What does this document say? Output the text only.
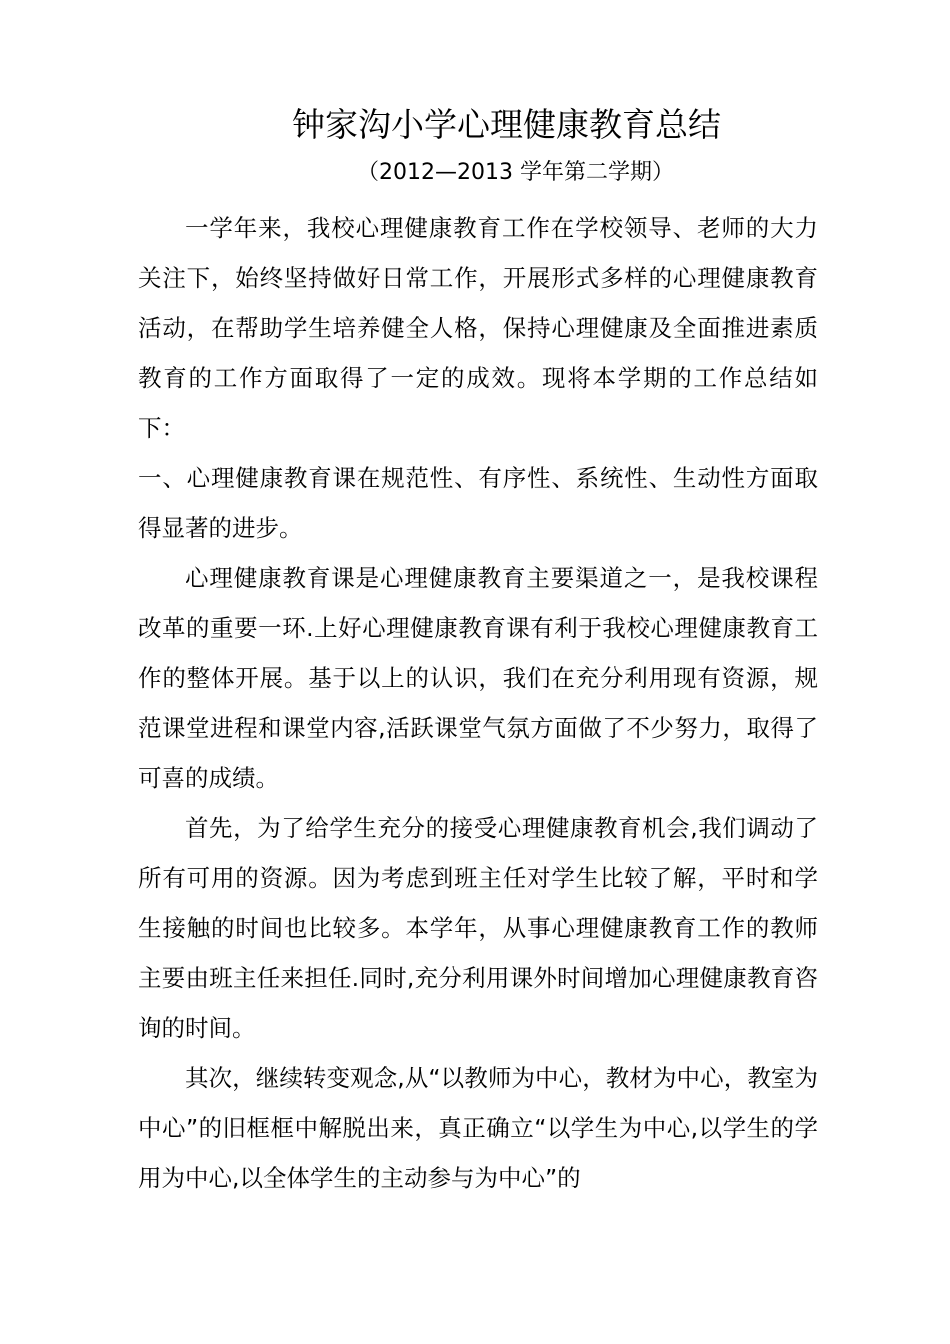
钟家沟小学心理健康教育总结
（2012—2013 学年第二学期）

一学年来，我校心理健康教育工作在学校领导、老师的大力关注下，始终坚持做好日常工作，开展形式多样的心理健康教育活动，在帮助学生培养健全人格，保持心理健康及全面推进素质教育的工作方面取得了一定的成效。现将本学期的工作总结如下：

一、心理健康教育课在规范性、有序性、系统性、生动性方面取得显著的进步。

心理健康教育课是心理健康教育主要渠道之一，是我校课程改革的重要一环.上好心理健康教育课有利于我校心理健康教育工作的整体开展。基于以上的认识，我们在充分利用现有资源，规范课堂进程和课堂内容,活跃课堂气氛方面做了不少努力，取得了可喜的成绩。

首先，为了给学生充分的接受心理健康教育机会,我们调动了所有可用的资源。因为考虑到班主任对学生比较了解，平时和学生接触的时间也比较多。本学年，从事心理健康教育工作的教师主要由班主任来担任.同时,充分利用课外时间增加心理健康教育咨询的时间。

其次，继续转变观念,从“以教师为中心，教材为中心，教室为中心”的旧框框中解脱出来，真正确立“以学生为中心,以学生的学用为中心,以全体学生的主动参与为中心”的
